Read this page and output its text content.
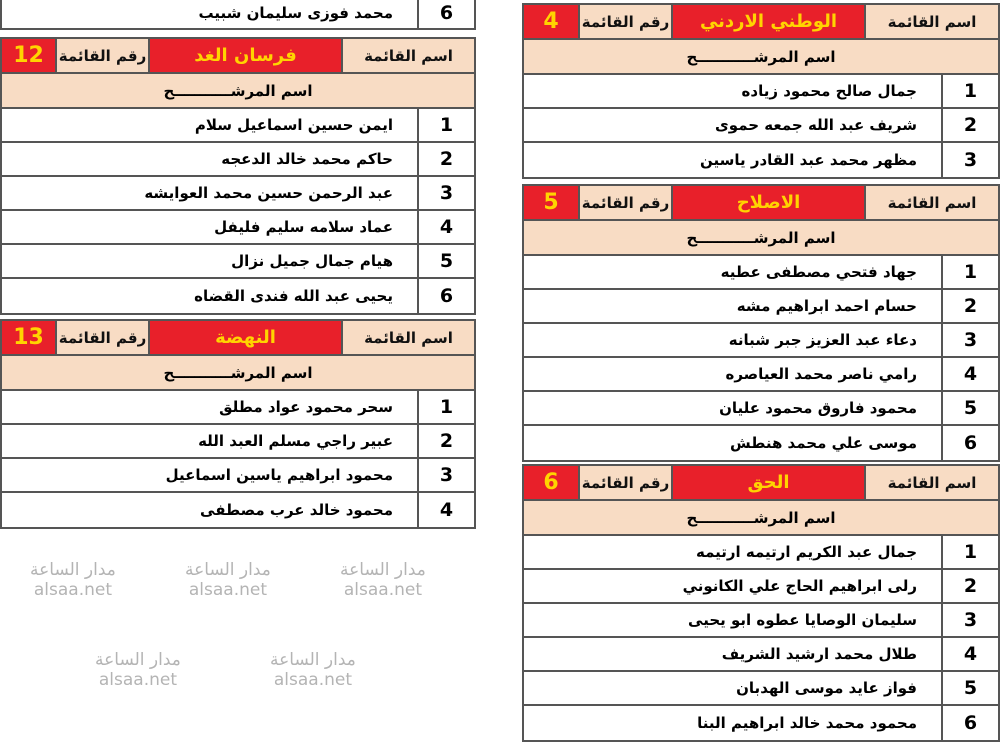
6
محمد فوزى سليمان شبيب
اسم القائمة
فرسان الغد
رقم القائمة
12
اسم المرشـــــــــــح
1
ايمن حسين اسماعيل سلام
2
حاكم محمد خالد الدعجه
3
عبد الرحمن حسين محمد العوايشه
4
عماد سلامه سليم فليفل
5
هيام جمال جميل نزال
6
يحيى عبد الله فندى القضاه
اسم القائمة
النهضة
رقم القائمة
13
اسم المرشـــــــــــح
1
سحر محمود عواد مطلق
2
عبير راجي مسلم العبد الله
3
محمود ابراهيم ياسين اسماعيل
4
محمود خالد عرب مصطفى
اسم القائمة
الوطني الاردني
رقم القائمة
4
اسم المرشـــــــــــح
1
جمال صالح محمود زياده
2
شريف عبد الله جمعه حموى
3
مظهر محمد عبد القادر ياسين
اسم القائمة
الاصلاح
رقم القائمة
5
اسم المرشـــــــــــح
1
جهاد فتحي مصطفى عطيه
2
حسام احمد ابراهيم مشه
3
دعاء عبد العزيز جبر شبانه
4
رامي ناصر محمد العياصره
5
محمود فاروق محمود عليان
6
موسى علي محمد هنطش
اسم القائمة
الحق
رقم القائمة
6
اسم المرشـــــــــــح
1
جمال عبد الكريم ارتيمه ارتيمه
2
رلى ابراهيم الحاج علي الكانوني
3
سليمان الوصايا عطوه ابو يحيى
4
طلال محمد ارشيد الشريف
5
فواز عايد موسى الهدبان
6
محمود محمد خالد ابراهيم البنا
مدار الساعة
alsaa.net
مدار الساعة
alsaa.net
مدار الساعة
alsaa.net
مدار الساعة
alsaa.net
مدار الساعة
alsaa.net
